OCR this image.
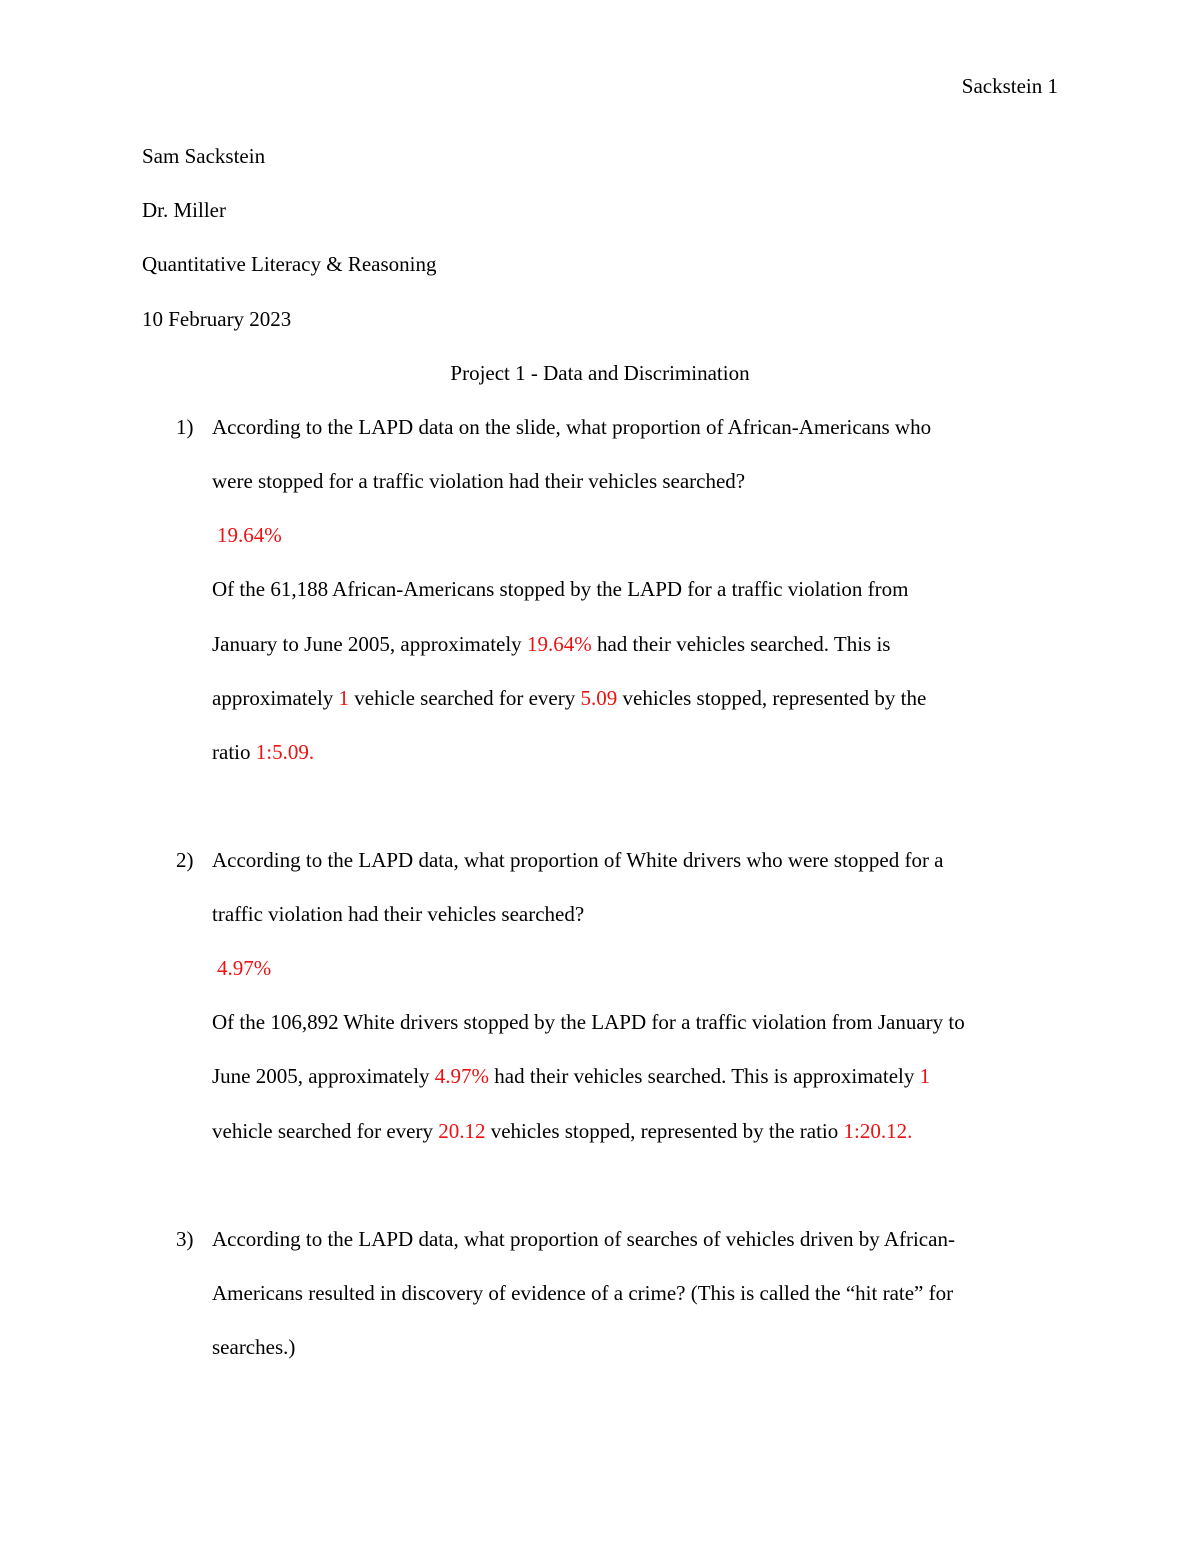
Sackstein 1
Sam Sackstein
Dr. Miller
Quantitative Literacy & Reasoning
10 February 2023
Project 1 - Data and Discrimination
1) According to the LAPD data on the slide, what proportion of African-Americans who
were stopped for a traffic violation had their vehicles searched?
19.64%
Of the 61,188 African-Americans stopped by the LAPD for a traffic violation from
January to June 2005, approximately 19.64% had their vehicles searched. This is
approximately 1 vehicle searched for every 5.09 vehicles stopped, represented by the
ratio 1:5.09.
2) According to the LAPD data, what proportion of White drivers who were stopped for a
traffic violation had their vehicles searched?
4.97%
Of the 106,892 White drivers stopped by the LAPD for a traffic violation from January to
June 2005, approximately 4.97% had their vehicles searched. This is approximately 1
vehicle searched for every 20.12 vehicles stopped, represented by the ratio 1:20.12.
3) According to the LAPD data, what proportion of searches of vehicles driven by African-
Americans resulted in discovery of evidence of a crime? (This is called the “hit rate” for
searches.)
